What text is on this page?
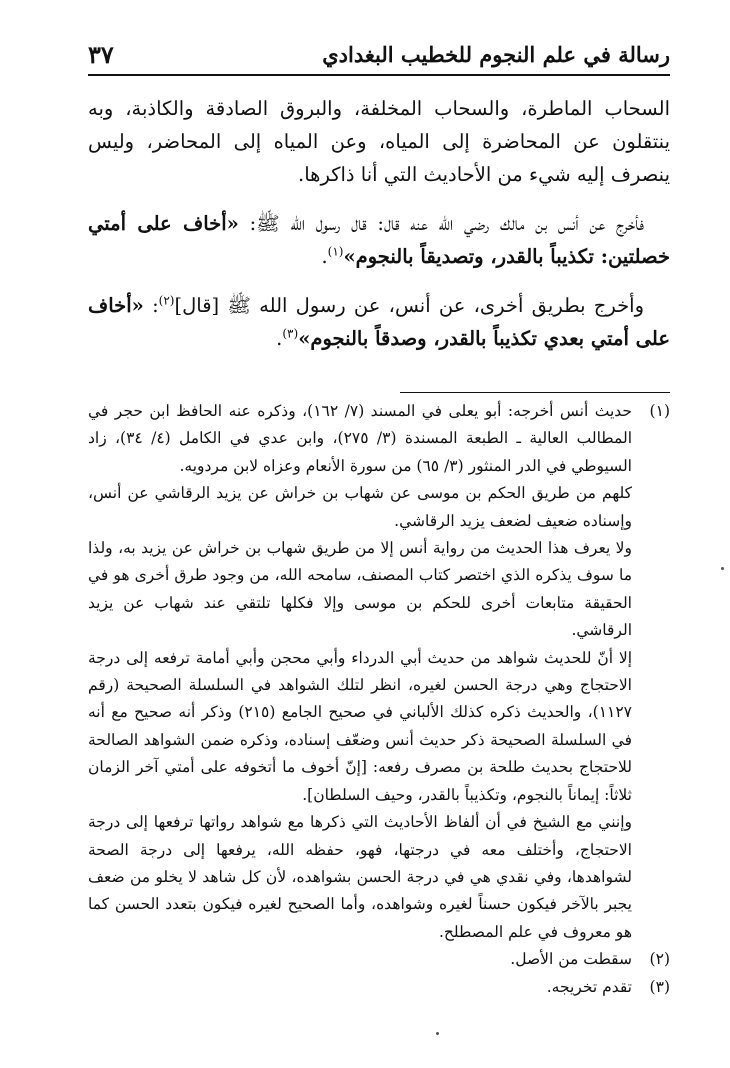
رسالة في علم النجوم للخطيب البغدادي
٣٧

السحاب الماطرة، والسحاب المخلفة، والبروق الصادقة والكاذبة، وبه ينتقلون عن المحاضرة إلى المياه، وعن المياه إلى المحاضر، وليس ينصرف إليه شيء من الأحاديث التي أنا ذاكرها.

فأخرج عن أنس بن مالك رضي الله عنه قال: قال رسول الله ﷺ: «أخاف على أمتي خصلتين: تكذيباً بالقدر، وتصديقاً بالنجوم»$^{(١)}$.

وأخرج بطريق أخرى، عن أنس، عن رسول الله ﷺ [قال]$^{(٢)}$: «أخاف على أمتي بعدي تكذيباً بالقدر، وصدقاً بالنجوم»$^{(٣)}$.

(١)

حديث أنس أخرجه: أبو يعلى في المسند (٧/ ١٦٢)، وذكره عنه الحافظ ابن حجر في المطالب العالية ـ الطبعة المسندة (٣/ ٢٧٥)، وابن عدي في الكامل (٤/ ٣٤)، زاد السيوطي في الدر المنثور (٣/ ٦٥) من سورة الأنعام وعزاه لابن مردويه.

كلهم من طريق الحكم بن موسى عن شهاب بن خراش عن يزيد الرقاشي عن أنس، وإسناده ضعيف لضعف يزيد الرقاشي.

ولا يعرف هذا الحديث من رواية أنس إلا من طريق شهاب بن خراش عن يزيد به، ولذا ما سوف يذكره الذي اختصر كتاب المصنف، سامحه الله، من وجود طرق أخرى هو في الحقيقة متابعات أخرى للحكم بن موسى وإلا فكلها تلتقي عند شهاب عن يزيد الرقاشي.

إلا أنّ للحديث شواهد من حديث أبي الدرداء وأبي محجن وأبي أمامة ترفعه إلى درجة الاحتجاج وهي درجة الحسن لغيره، انظر لتلك الشواهد في السلسلة الصحيحة (رقم ١١٢٧)، والحديث ذكره كذلك الألباني في صحيح الجامع (٢١٥) وذكر أنه صحيح مع أنه في السلسلة الصحيحة ذكر حديث أنس وضعّف إسناده، وذكره ضمن الشواهد الصالحة للاحتجاج بحديث طلحة بن مصرف رفعه: [إنّ أخوف ما أتخوفه على أمتي آخر الزمان ثلاثاً: إيماناً بالنجوم، وتكذيباً بالقدر، وحيف السلطان].

وإنني مع الشيخ في أن ألفاظ الأحاديث التي ذكرها مع شواهد رواتها ترفعها إلى درجة الاحتجاج، وأختلف معه في درجتها، فهو، حفظه الله، يرفعها إلى درجة الصحة لشواهدها، وفي نقدي هي في درجة الحسن بشواهده، لأن كل شاهد لا يخلو من ضعف يجبر بالآخر فيكون حسناً لغيره وشواهده، وأما الصحيح لغيره فيكون بتعدد الحسن كما هو معروف في علم المصطلح.

(٢)

سقطت من الأصل.

(٣)

تقدم تخريجه.
